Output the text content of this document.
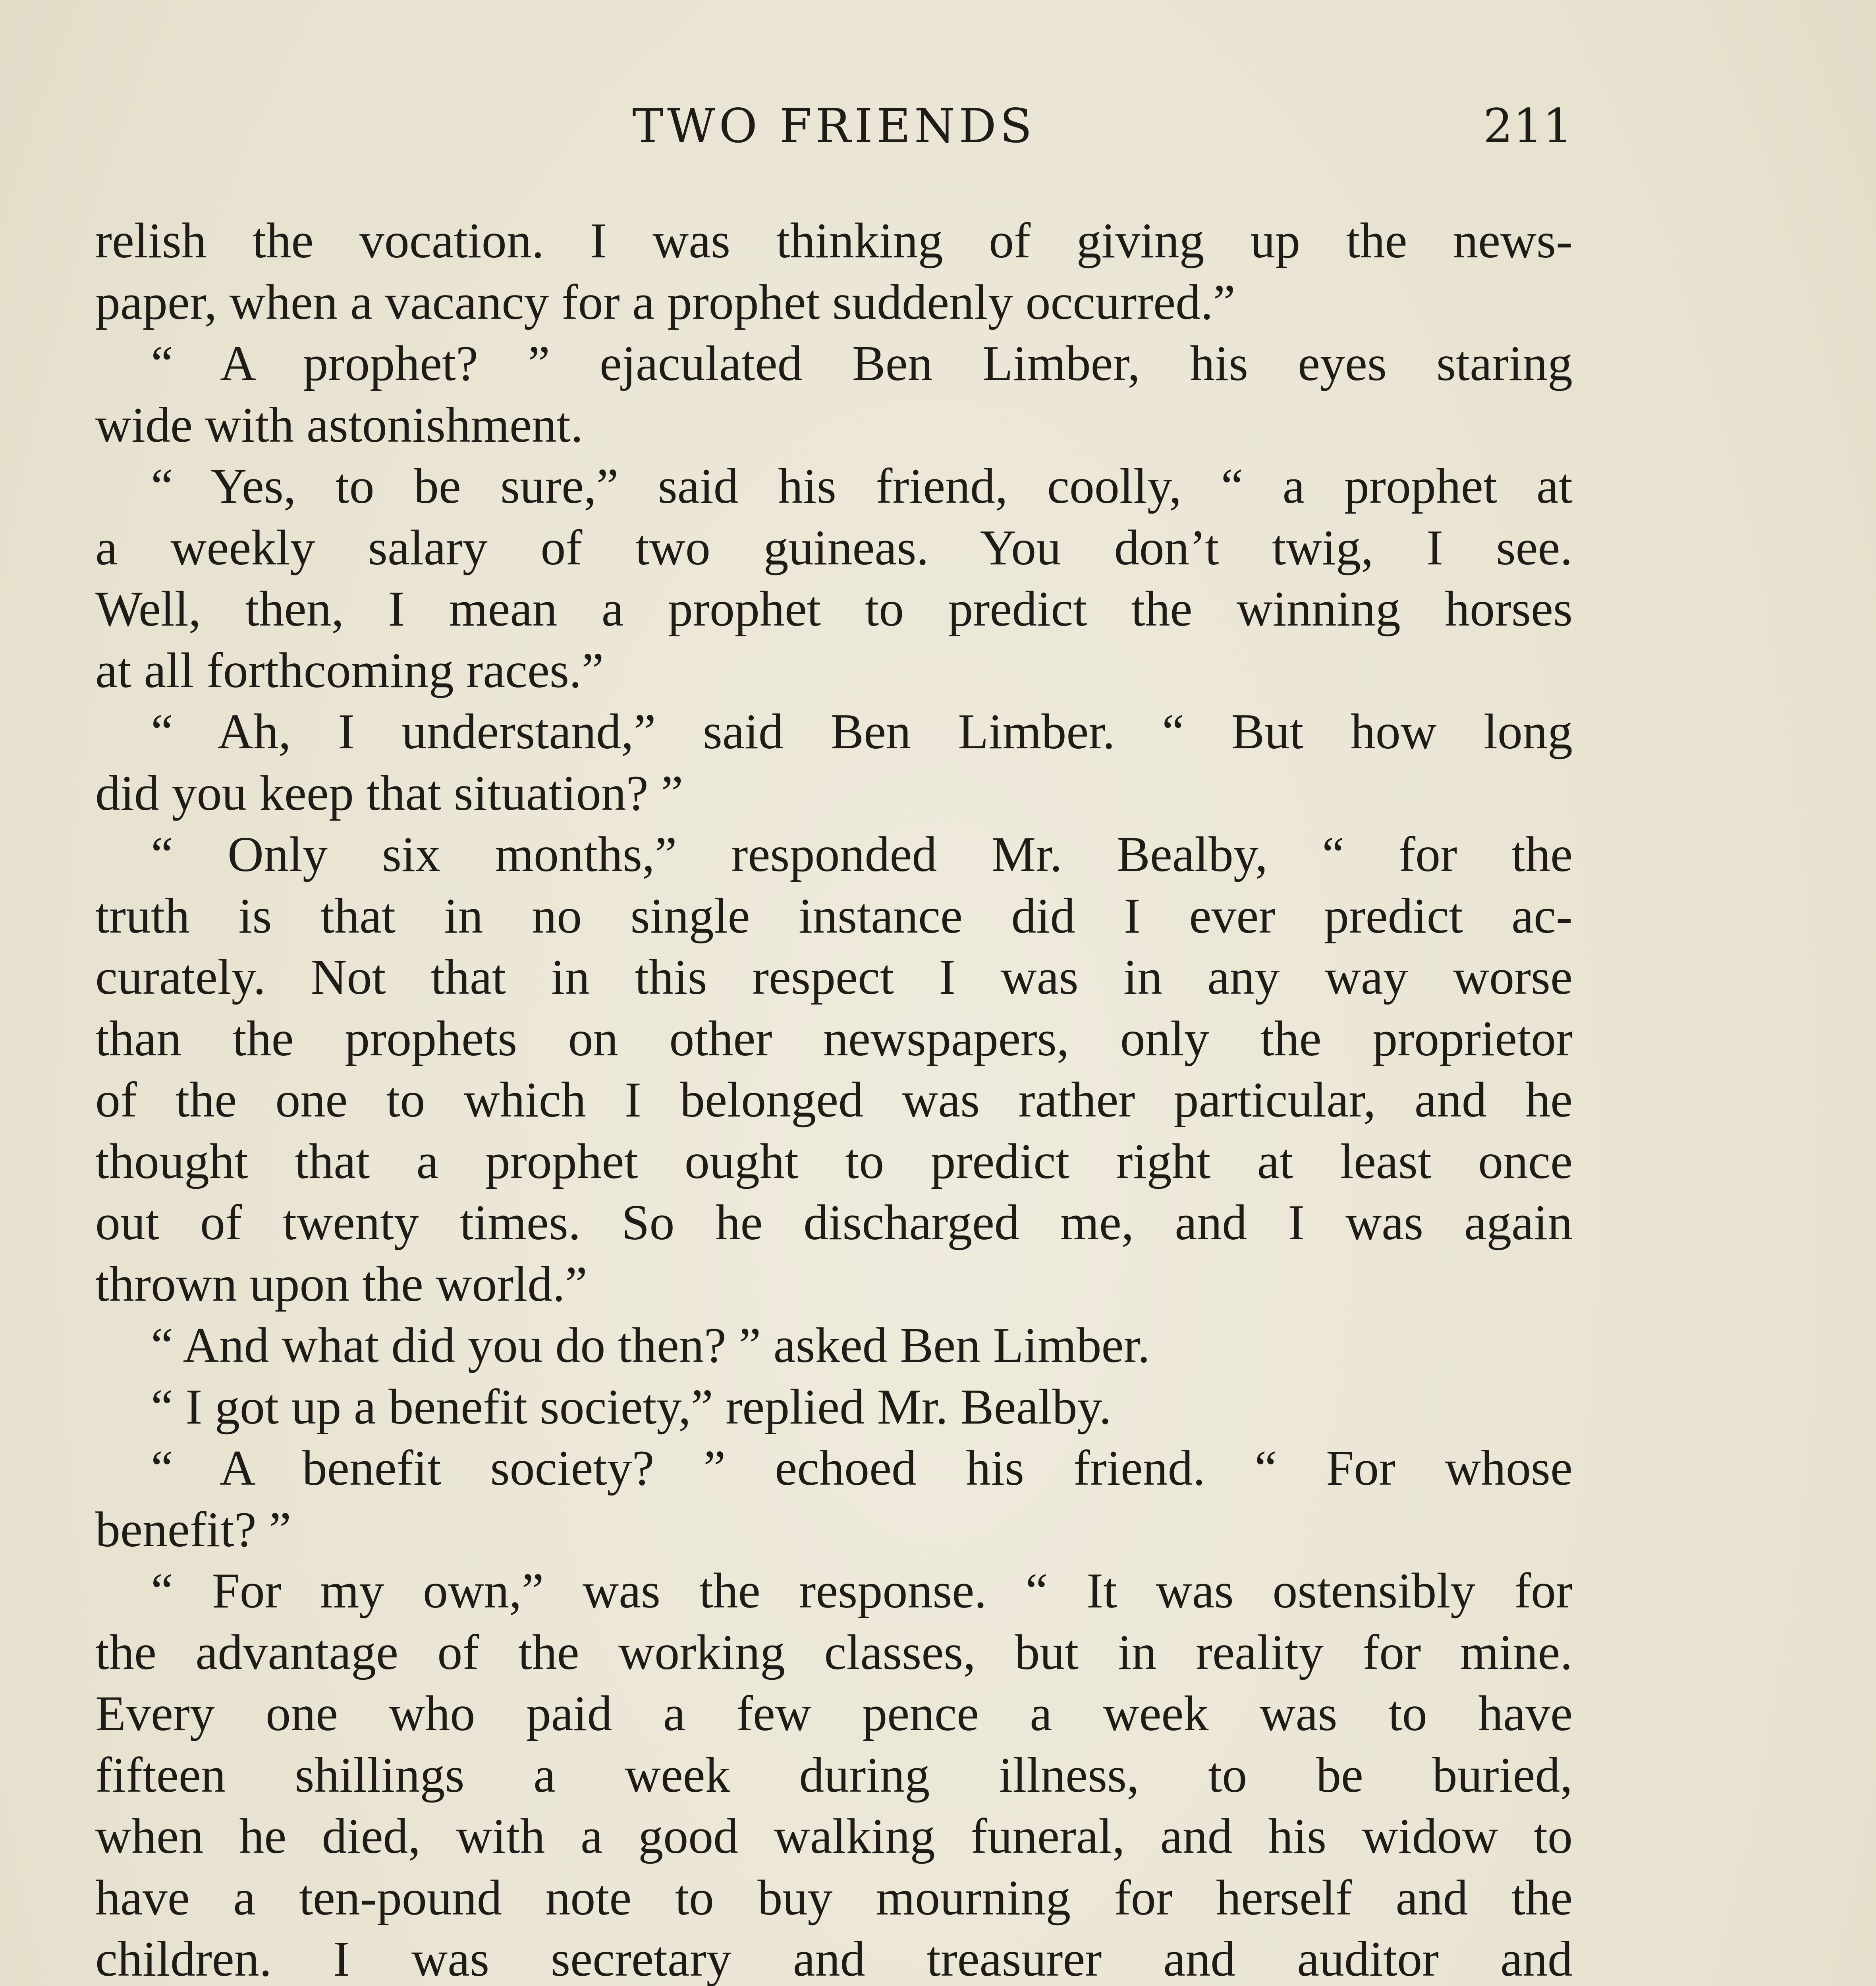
TWO FRIENDS	211
relish the vocation. I was thinking of giving up the news-
paper, when a vacancy for a prophet suddenly occurred.”
“ A prophet? ” ejaculated Ben Limber, his eyes staring
wide with astonishment.
“ Yes, to be sure,” said his friend, coolly, “ a prophet at
a weekly salary of two guineas. You don’t twig, I see.
Well, then, I mean a prophet to predict the winning horses
at all forthcoming races.”
“ Ah, I understand,” said Ben Limber. “ But how long
did you keep that situation? ”
“ Only six months,” responded Mr. Bealby, “ for the
truth is that in no single instance did I ever predict ac-
curately. Not that in this respect I was in any way worse
than the prophets on other newspapers, only the proprietor
of the one to which I belonged was rather particular, and he
thought that a prophet ought to predict right at least once
out of twenty times. So he discharged me, and I was again
thrown upon the world.”
“ And what did you do then? ” asked Ben Limber.
“ I got up a benefit society,” replied Mr. Bealby.
“ A benefit society? ” echoed his friend. “ For whose
benefit? ”
“ For my own,” was the response. “ It was ostensibly for
the advantage of the working classes, but in reality for mine.
Every one who paid a few pence a week was to have
fifteen shillings a week during illness, to be buried,
when he died, with a good walking funeral, and his widow to
have a ten-pound note to buy mourning for herself and the
children. I was secretary and treasurer and auditor and
